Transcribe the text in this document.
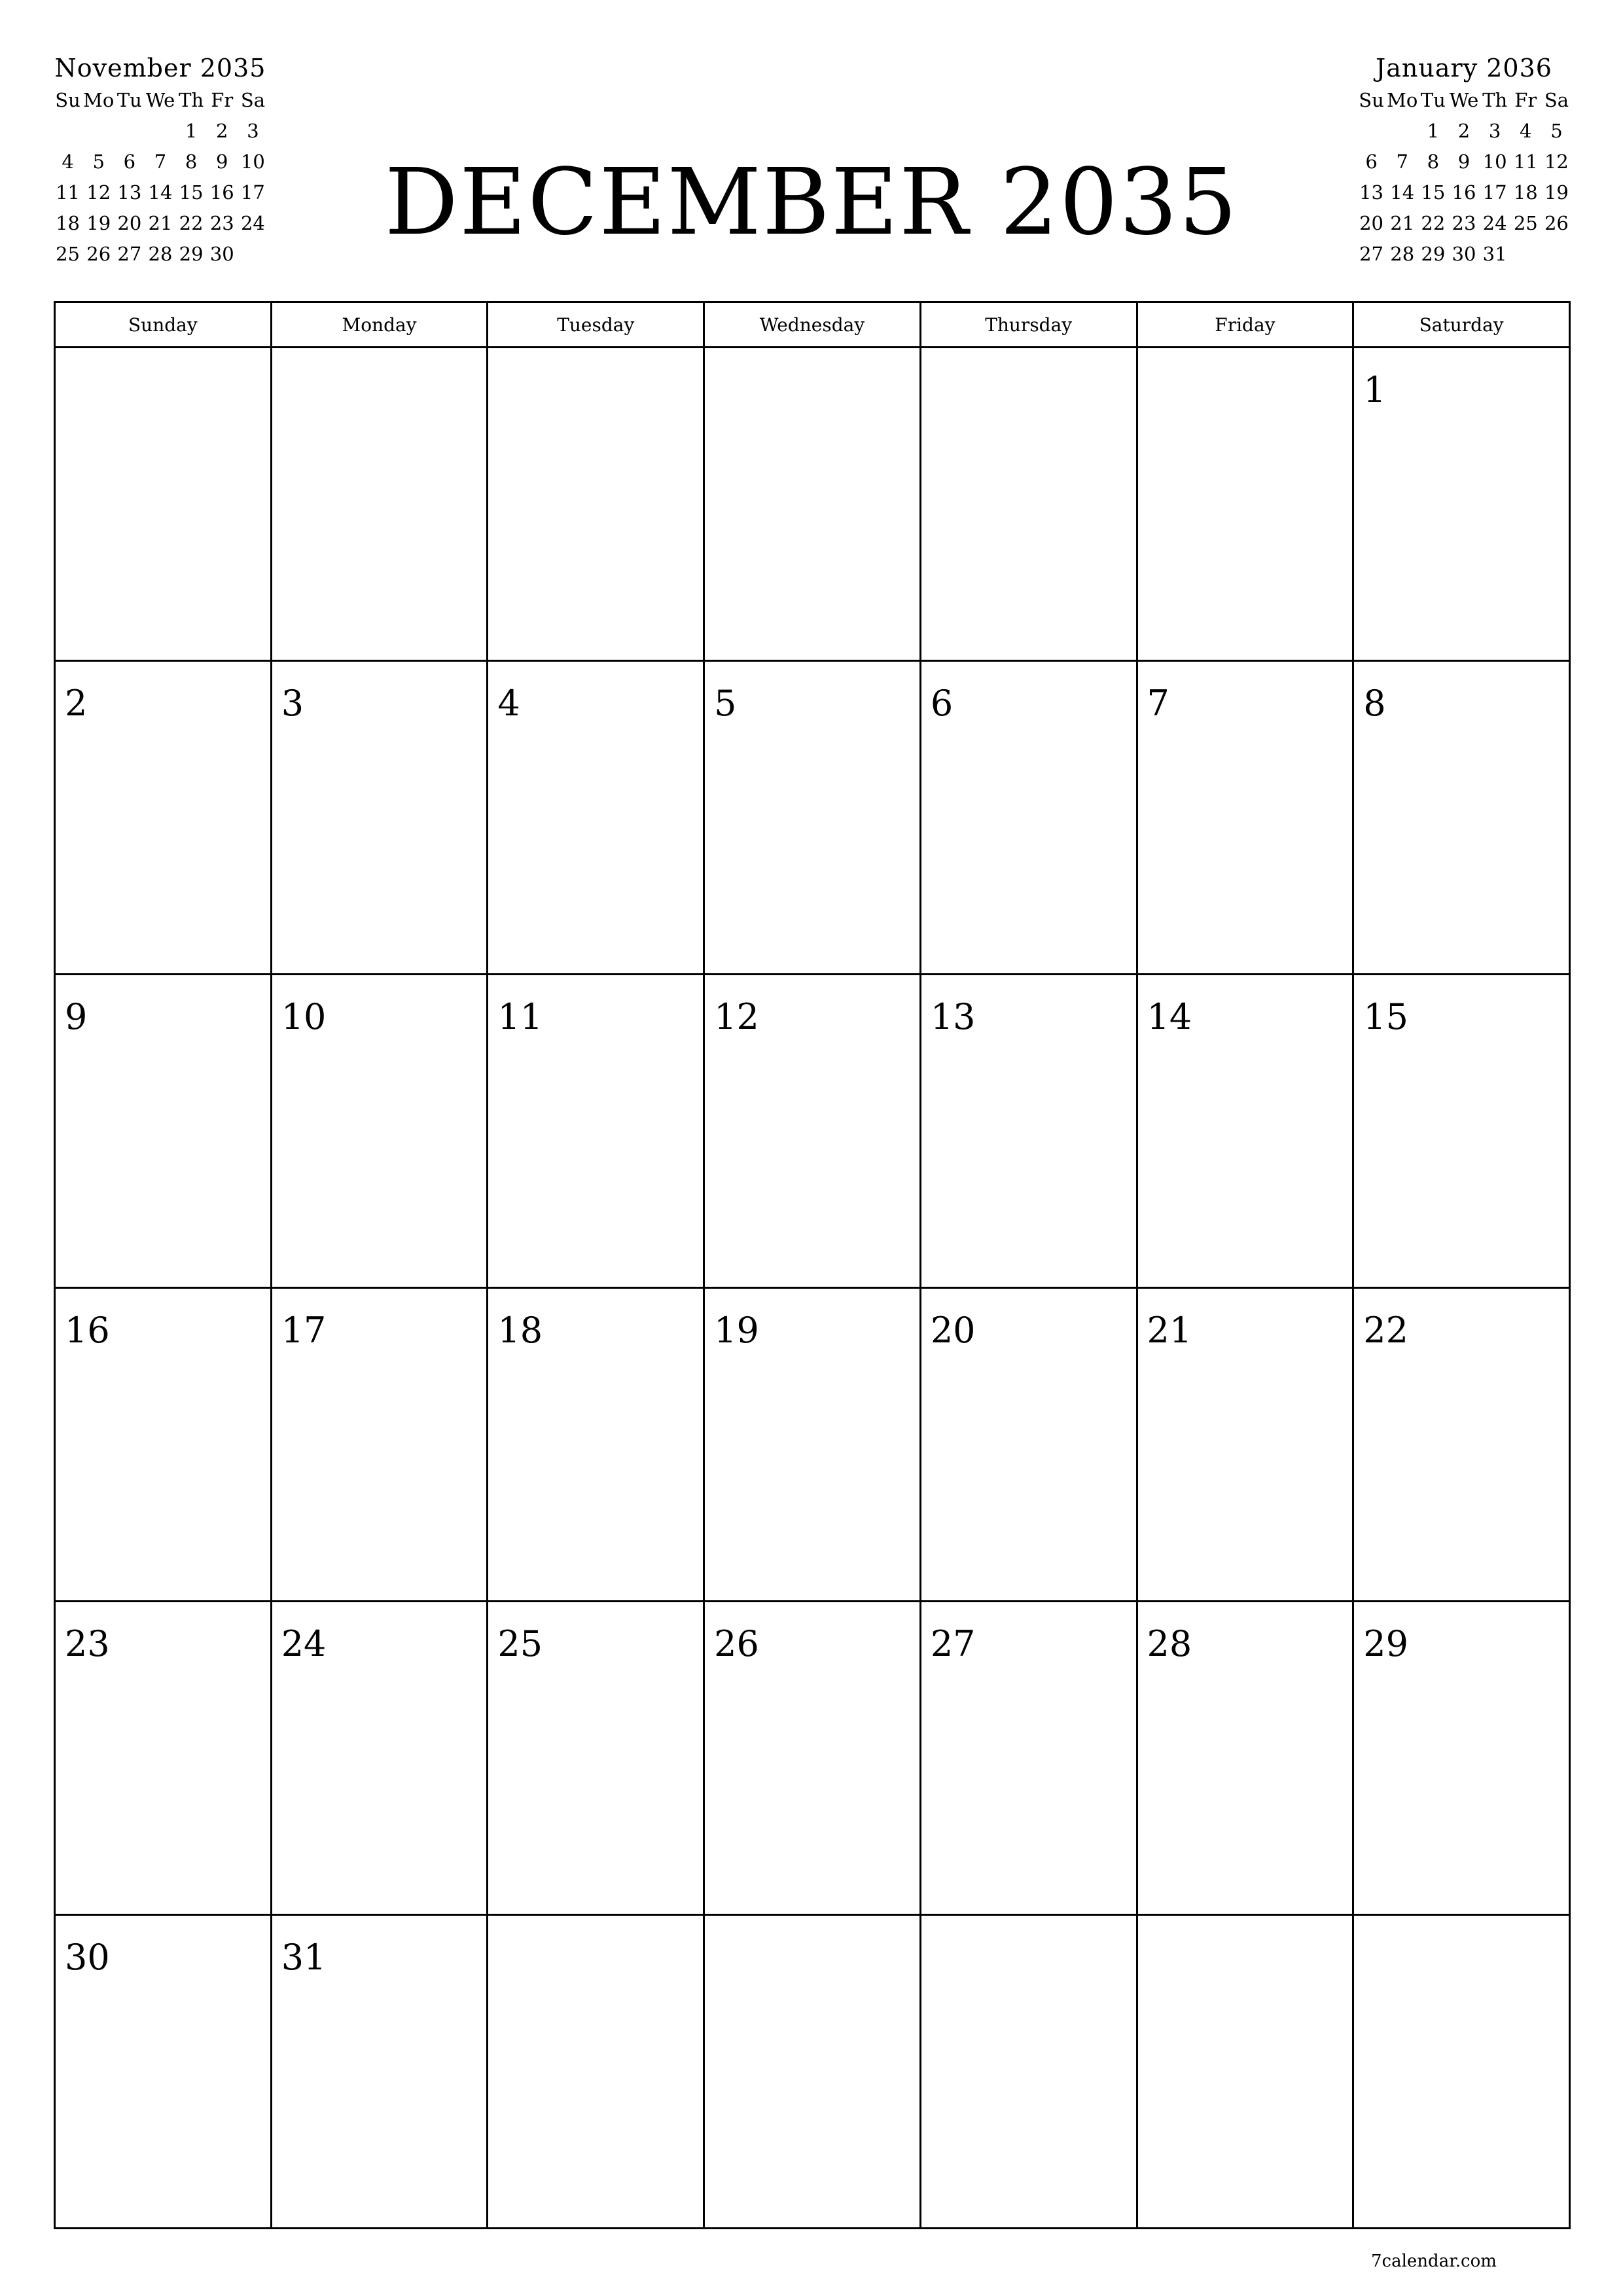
November 2035
Su	Mo	Tu	We	Th	Fr	Sa
				1	2	3
4	5	6	7	8	9	10
11	12	13	14	15	16	17
18	19	20	21	22	23	24
25	26	27	28	29	30		DECEMBER 2035
January 2036
Su	Mo	Tu	We	Th	Fr	Sa
		1	2	3	4	5
6	7	8	9	10	11	12
13	14	15	16	17	18	19
20	21	22	23	24	25	26
27	28	29	30	31		
Sunday	Monday	Tuesday	Wednesday	Thursday	Friday	Saturday

						1

2	3	4	5	6	7	8

9	10	11	12	13	14	15

16	17	18	19	20	21	22

23	24	25	26	27	28	29

30	31					

7calendar.com
